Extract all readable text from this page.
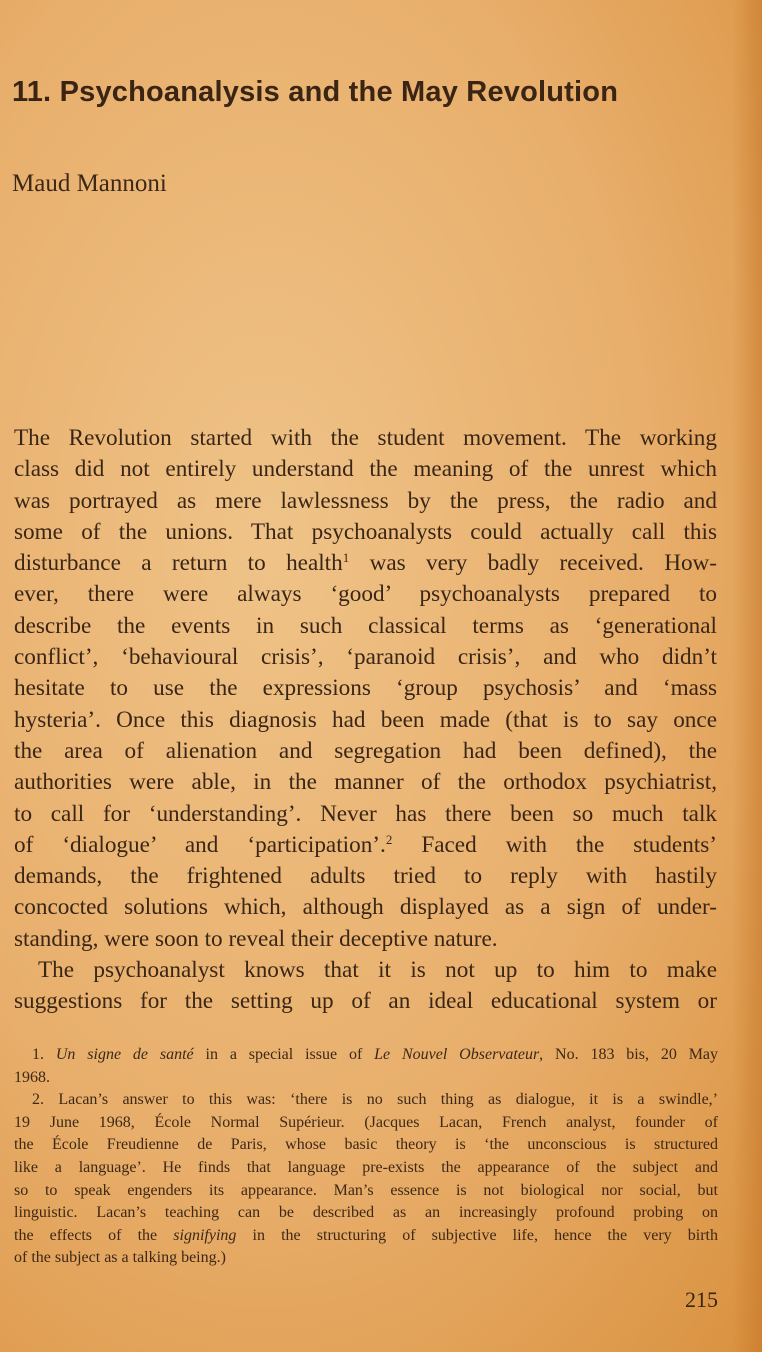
11. Psychoanalysis and the May Revolution

Maud Mannoni

The Revolution started with the student movement. The working
class did not entirely understand the meaning of the unrest which
was portrayed as mere lawlessness by the press, the radio and
some of the unions. That psychoanalysts could actually call this
disturbance a return to health$^1$ was very badly received. How-
ever, there were always ‘good’ psychoanalysts prepared to
describe the events in such classical terms as ‘generational
conflict’, ‘behavioural crisis’, ‘paranoid crisis’, and who didn’t
hesitate to use the expressions ‘group psychosis’ and ‘mass
hysteria’. Once this diagnosis had been made (that is to say once
the area of alienation and segregation had been defined), the
authorities were able, in the manner of the orthodox psychiatrist,
to call for ‘understanding’. Never has there been so much talk
of ‘dialogue’ and ‘participation’.$^2$ Faced with the students’
demands, the frightened adults tried to reply with hastily
concocted solutions which, although displayed as a sign of under-
standing, were soon to reveal their deceptive nature.
The psychoanalyst knows that it is not up to him to make
suggestions for the setting up of an ideal educational system or
1. Un signe de santé in a special issue of Le Nouvel Observateur, No. 183 bis, 20 May
1968.
2. Lacan’s answer to this was: ‘there is no such thing as dialogue, it is a swindle,’
19 June 1968, École Normal Supérieur. (Jacques Lacan, French analyst, founder of
the École Freudienne de Paris, whose basic theory is ‘the unconscious is structured
like a language’. He finds that language pre-exists the appearance of the subject and
so to speak engenders its appearance. Man’s essence is not biological nor social, but
linguistic. Lacan’s teaching can be described as an increasingly profound probing on
the effects of the signifying in the structuring of subjective life, hence the very birth
of the subject as a talking being.)
215
